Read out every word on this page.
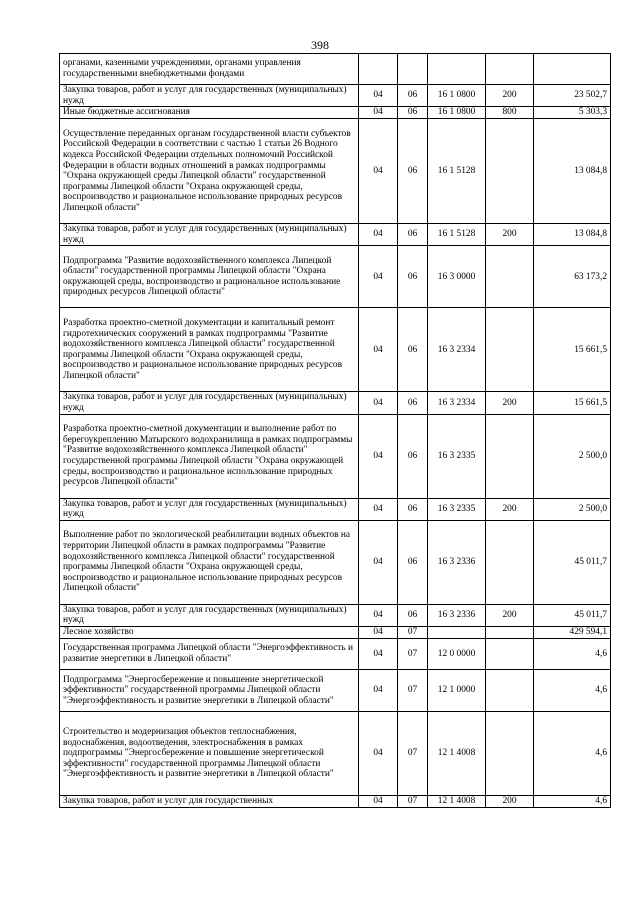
398
органами, казенными учреждениями, органами управления государственными внебюджетными фондами					
Закупка товаров, работ и услуг для государственных (муниципальных) нужд	04	06	16 1 0800	200	23 502,7
Иные бюджетные ассигнования	04	06	16 1 0800	800	5 303,3
Осуществление переданных органам государственной власти субъектов Российской Федерации в соответствии с частью 1 статьи 26 Водного кодекса Российской Федерации отдельных полномочий Российской Федерации в области водных отношений в рамках подпрограммы "Охрана окружающей среды Липецкой области" государственной программы Липецкой области "Охрана окружающей среды, воспроизводство и рациональное использование природных ресурсов Липецкой области"	04	06	16 1 5128		13 084,8
Закупка товаров, работ и услуг для государственных (муниципальных) нужд	04	06	16 1 5128	200	13 084,8
Подпрограмма "Развитие водохозяйственного комплекса Липецкой области" государственной программы Липецкой области "Охрана окружающей среды, воспроизводство и рациональное использование природных ресурсов Липецкой области"	04	06	16 3 0000		63 173,2
Разработка проектно-сметной документации и капитальный ремонт гидротехнических сооружений в рамках подпрограммы "Развитие водохозяйственного комплекса Липецкой области" государственной программы Липецкой области "Охрана окружающей среды, воспроизводство и рациональное использование природных ресурсов Липецкой области"	04	06	16 3 2334		15 661,5
Закупка товаров, работ и услуг для государственных (муниципальных) нужд	04	06	16 3 2334	200	15 661,5
Разработка проектно-сметной документации и выполнение работ по берегоукреплению Матырского водохранилища в рамках подпрограммы "Развитие водохозяйственного комплекса Липецкой области" государственной программы Липецкой области "Охрана окружающей среды, воспроизводство и рациональное использование природных ресурсов Липецкой области"	04	06	16 3 2335		2 500,0
Закупка товаров, работ и услуг для государственных (муниципальных) нужд	04	06	16 3 2335	200	2 500,0
Выполнение работ по экологической реабилитации водных объектов на территории Липецкой области в рамках подпрограммы "Развитие водохозяйственного комплекса Липецкой области" государственной программы Липецкой области "Охрана окружающей среды, воспроизводство и рациональное использование природных ресурсов Липецкой области"	04	06	16 3 2336		45 011,7
Закупка товаров, работ и услуг для государственных (муниципальных) нужд	04	06	16 3 2336	200	45 011,7
Лесное хозяйство	04	07			429 594,1
Государственная программа Липецкой области "Энергоэффективность и развитие энергетики в Липецкой области"	04	07	12 0 0000		4,6
Подпрограмма "Энергосбережение и повышение энергетической эффективности" государственной программы Липецкой области "Энергоэффективность и развитие энергетики в Липецкой области"	04	07	12 1 0000		4,6
Строительство и модернизация объектов теплоснабжения, водоснабжения, водоотведения, электроснабжения в рамках подпрограммы "Энергосбережение и повышение энергетической эффективности" государственной программы Липецкой области "Энергоэффективность и развитие энергетики в Липецкой области"	04	07	12 1 4008		4,6
Закупка товаров, работ и услуг для государственных	04	07	12 1 4008	200	4,6
